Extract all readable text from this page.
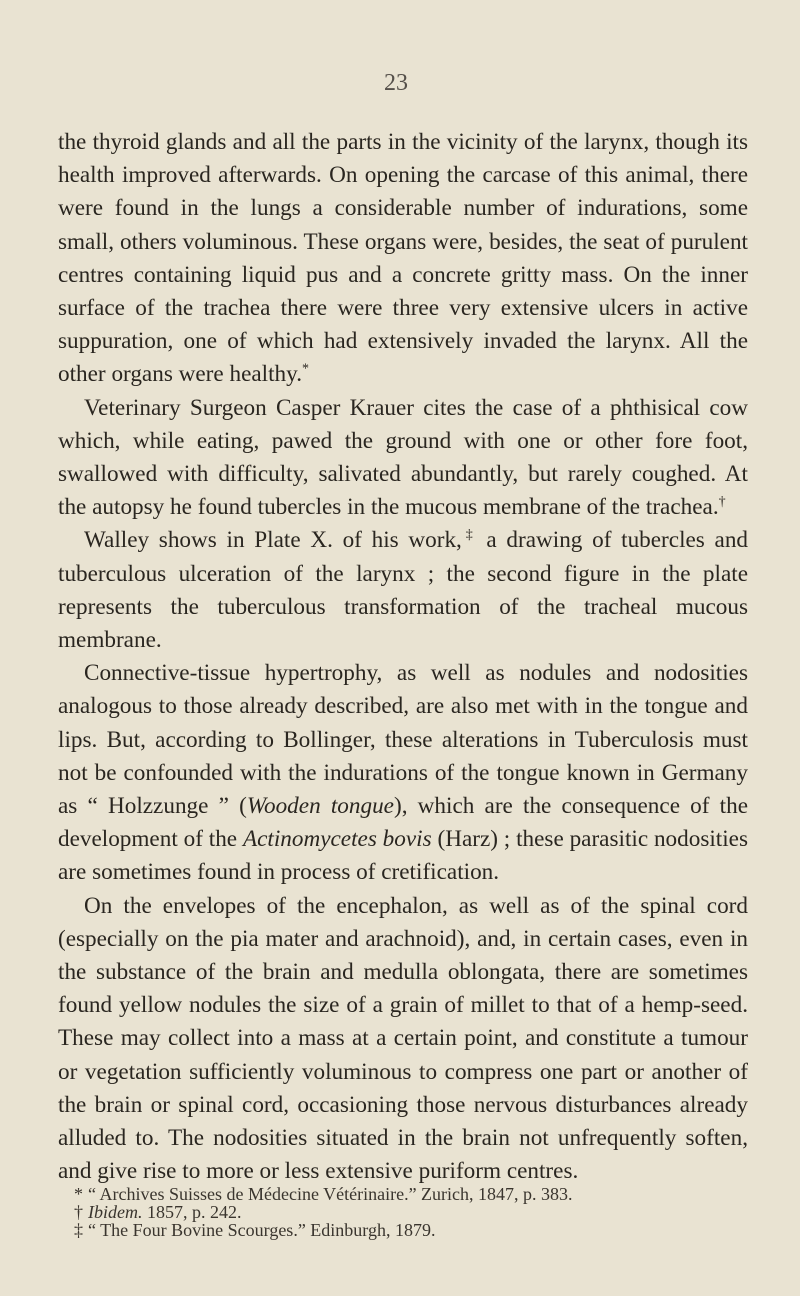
23

the thyroid glands and all the parts in the vicinity of the larynx, though its health improved afterwards. On opening the carcase of this animal, there were found in the lungs a considerable number of indurations, some small, others voluminous. These organs were, besides, the seat of purulent centres containing liquid pus and a concrete gritty mass. On the inner surface of the trachea there were three very extensive ulcers in active suppuration, one of which had extensively invaded the larynx. All the other organs were healthy.*

Veterinary Surgeon Casper Krauer cites the case of a phthisical cow which, while eating, pawed the ground with one or other fore foot, swallowed with difficulty, salivated abundantly, but rarely coughed. At the autopsy he found tubercles in the mucous membrane of the trachea.†

Walley shows in Plate X. of his work,‡ a drawing of tubercles and tuberculous ulceration of the larynx ; the second figure in the plate represents the tuberculous transformation of the tracheal mucous membrane.

Connective-tissue hypertrophy, as well as nodules and nodosities analogous to those already described, are also met with in the tongue and lips. But, according to Bollinger, these alterations in Tuberculosis must not be confounded with the indurations of the tongue known in Germany as “ Holzzunge ” (Wooden tongue), which are the consequence of the development of the Actinomycetes bovis (Harz) ; these parasitic nodosities are sometimes found in process of cretification.

On the envelopes of the encephalon, as well as of the spinal cord (especially on the pia mater and arachnoid), and, in certain cases, even in the substance of the brain and medulla oblongata, there are sometimes found yellow nodules the size of a grain of millet to that of a hemp-seed. These may collect into a mass at a certain point, and constitute a tumour or vegetation sufficiently voluminous to compress one part or another of the brain or spinal cord, occasioning those nervous disturbances already alluded to. The nodosities situated in the brain not unfrequently soften, and give rise to more or less extensive puriform centres.

* “ Archives Suisses de Médecine Vétérinaire.” Zurich, 1847, p. 383.
† Ibidem. 1857, p. 242.
‡ “ The Four Bovine Scourges.” Edinburgh, 1879.
